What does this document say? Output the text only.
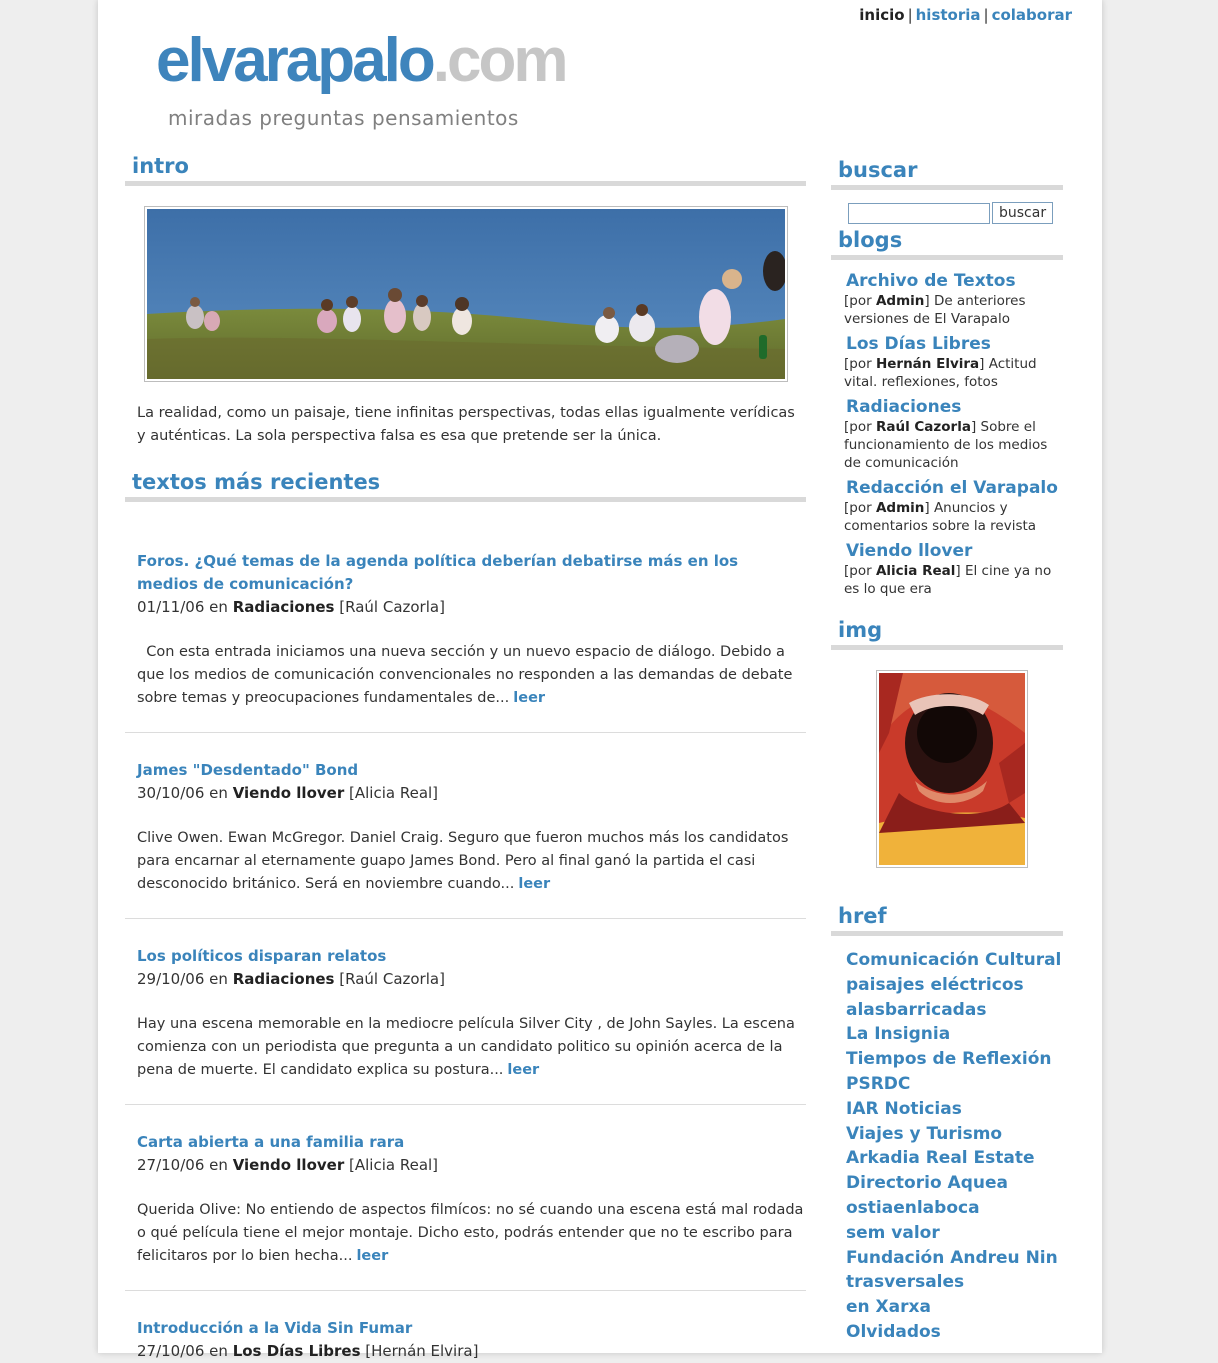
inicio | historia | colaborar
elvarapalo.com
miradas preguntas pensamientos
intro
La realidad, como un paisaje, tiene infinitas perspectivas, todas ellas igualmente verídicas y auténticas. La sola perspectiva falsa es esa que pretende ser la única.
textos más recientes
Foros. ¿Qué temas de la agenda política deberían debatirse más en los medios de comunicación?
01/11/06 en Radiaciones [Raúl Cazorla]
Con esta entrada iniciamos una nueva sección y un nuevo espacio de diálogo. Debido a que los medios de comunicación convencionales no responden a las demandas de debate sobre temas y preocupaciones fundamentales de... leer
James "Desdentado" Bond
30/10/06 en Viendo llover [Alicia Real]
Clive Owen. Ewan McGregor. Daniel Craig. Seguro que fueron muchos más los candidatos para encarnar al eternamente guapo James Bond. Pero al final ganó la partida el casi desconocido británico. Será en noviembre cuando... leer
Los políticos disparan relatos
29/10/06 en Radiaciones [Raúl Cazorla]
Hay una escena memorable en la mediocre película Silver City , de John Sayles. La escena comienza con un periodista que pregunta a un candidato politico su opinión acerca de la pena de muerte. El candidato explica su postura... leer
Carta abierta a una familia rara
27/10/06 en Viendo llover [Alicia Real]
Querida Olive: No entiendo de aspectos filmícos: no sé cuando una escena está mal rodada o qué película tiene el mejor montaje. Dicho esto, podrás entender que no te escribo para felicitaros por lo bien hecha... leer
Introducción a la Vida Sin Fumar
27/10/06 en Los Días Libres [Hernán Elvira]
buscar
buscar
blogs
Archivo de Textos
[por Admin] De anteriores versiones de El Varapalo
Los Días Libres
[por Hernán Elvira] Actitud vital. reflexiones, fotos
Radiaciones
[por Raúl Cazorla] Sobre el funcionamiento de los medios de comunicación
Redacción el Varapalo
[por Admin] Anuncios y comentarios sobre la revista
Viendo llover
[por Alicia Real] El cine ya no es lo que era
img
href
Comunicación Cultural
paisajes eléctricos
alasbarricadas
La Insignia
Tiempos de Reflexión
PSRDC
IAR Noticias
Viajes y Turismo
Arkadia Real Estate
Directorio Aquea
ostiaenlaboca
sem valor
Fundación Andreu Nin
trasversales
en Xarxa
Olvidados
